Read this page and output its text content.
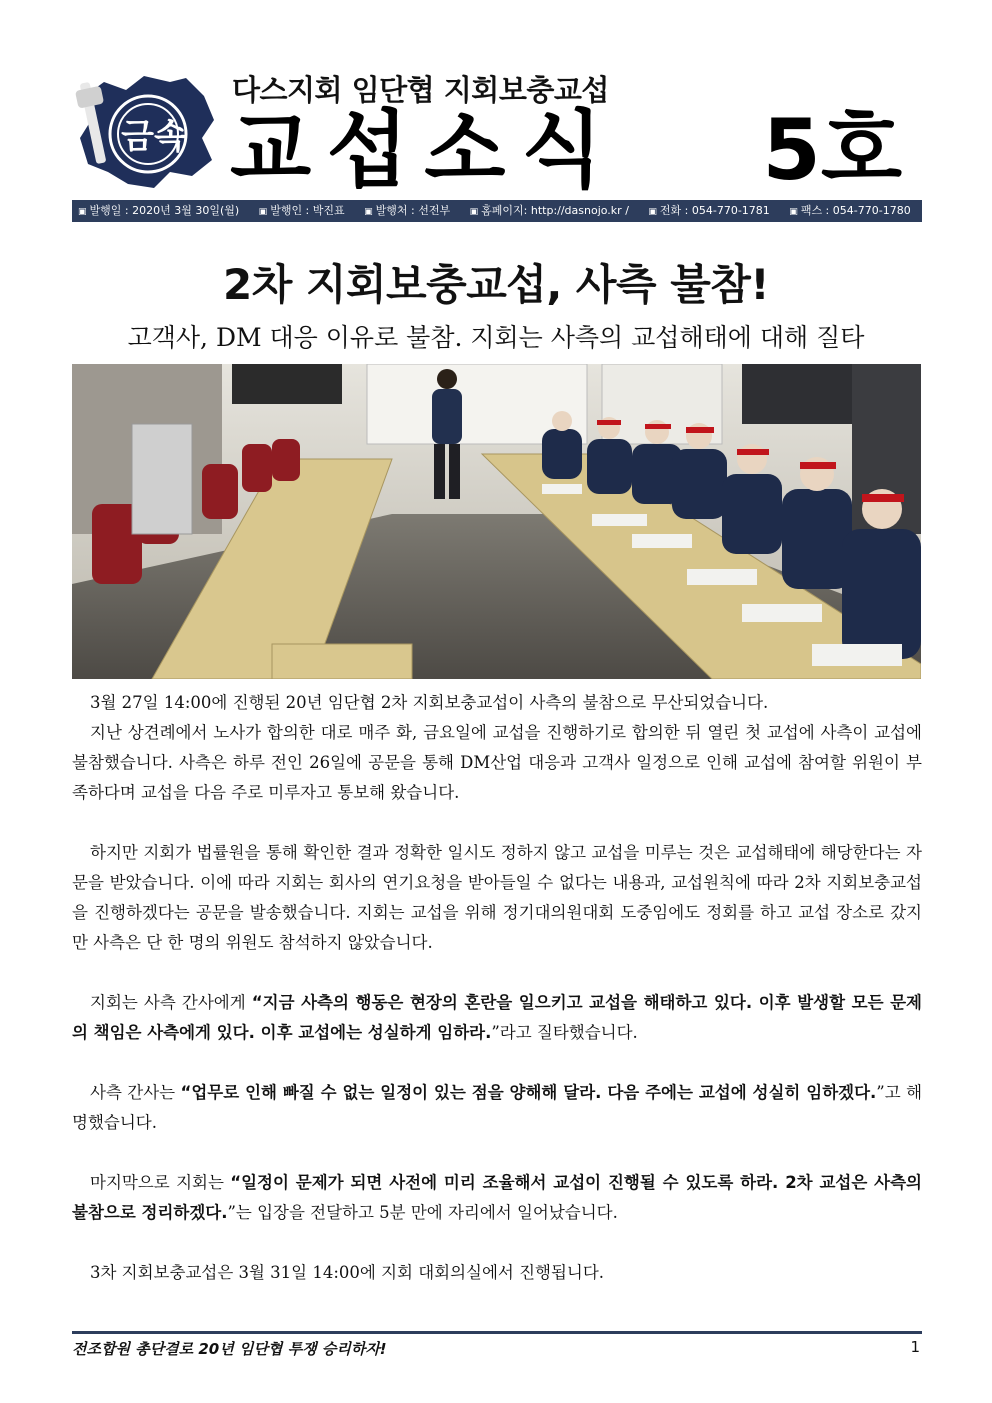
금속
다스지회 임단협 지회보충교섭
교섭소식 5호
▣ 발행일 : 2020년 3월 30일(월) ▣ 발행인 : 박진표 ▣ 발행처 : 선전부 ▣ 홈페이지: http://dasnojo.kr / ▣ 전화 : 054-770-1781 ▣ 팩스 : 054-770-1780
2차 지회보충교섭, 사측 불참!
고객사, DM 대응 이유로 불참. 지회는 사측의 교섭해태에 대해 질타

3월 27일 14:00에 진행된 20년 임단협 2차 지회보충교섭이 사측의 불참으로 무산되었습니다.

지난 상견례에서 노사가 합의한 대로 매주 화, 금요일에 교섭을 진행하기로 합의한 뒤 열린 첫 교섭에 사측이 교섭에 불참했습니다. 사측은 하루 전인 26일에 공문을 통해 DM산업 대응과 고객사 일정으로 인해 교섭에 참여할 위원이 부족하다며 교섭을 다음 주로 미루자고 통보해 왔습니다.

하지만 지회가 법률원을 통해 확인한 결과 정확한 일시도 정하지 않고 교섭을 미루는 것은 교섭해태에 해당한다는 자문을 받았습니다. 이에 따라 지회는 회사의 연기요청을 받아들일 수 없다는 내용과, 교섭원칙에 따라 2차 지회보충교섭을 진행하겠다는 공문을 발송했습니다. 지회는 교섭을 위해 정기대의원대회 도중임에도 정회를 하고 교섭 장소로 갔지만 사측은 단 한 명의 위원도 참석하지 않았습니다.

지회는 사측 간사에게 “지금 사측의 행동은 현장의 혼란을 일으키고 교섭을 해태하고 있다. 이후 발생할 모든 문제의 책임은 사측에게 있다. 이후 교섭에는 성실하게 임하라.”라고 질타했습니다.

사측 간사는 “업무로 인해 빠질 수 없는 일정이 있는 점을 양해해 달라. 다음 주에는 교섭에 성실히 임하겠다.”고 해명했습니다.

마지막으로 지회는 “일정이 문제가 되면 사전에 미리 조율해서 교섭이 진행될 수 있도록 하라. 2차 교섭은 사측의 불참으로 정리하겠다.”는 입장을 전달하고 5분 만에 자리에서 일어났습니다.

3차 지회보충교섭은 3월 31일 14:00에 지회 대회의실에서 진행됩니다.

전조합원 총단결로 20년 임단협 투쟁 승리하자!	1
